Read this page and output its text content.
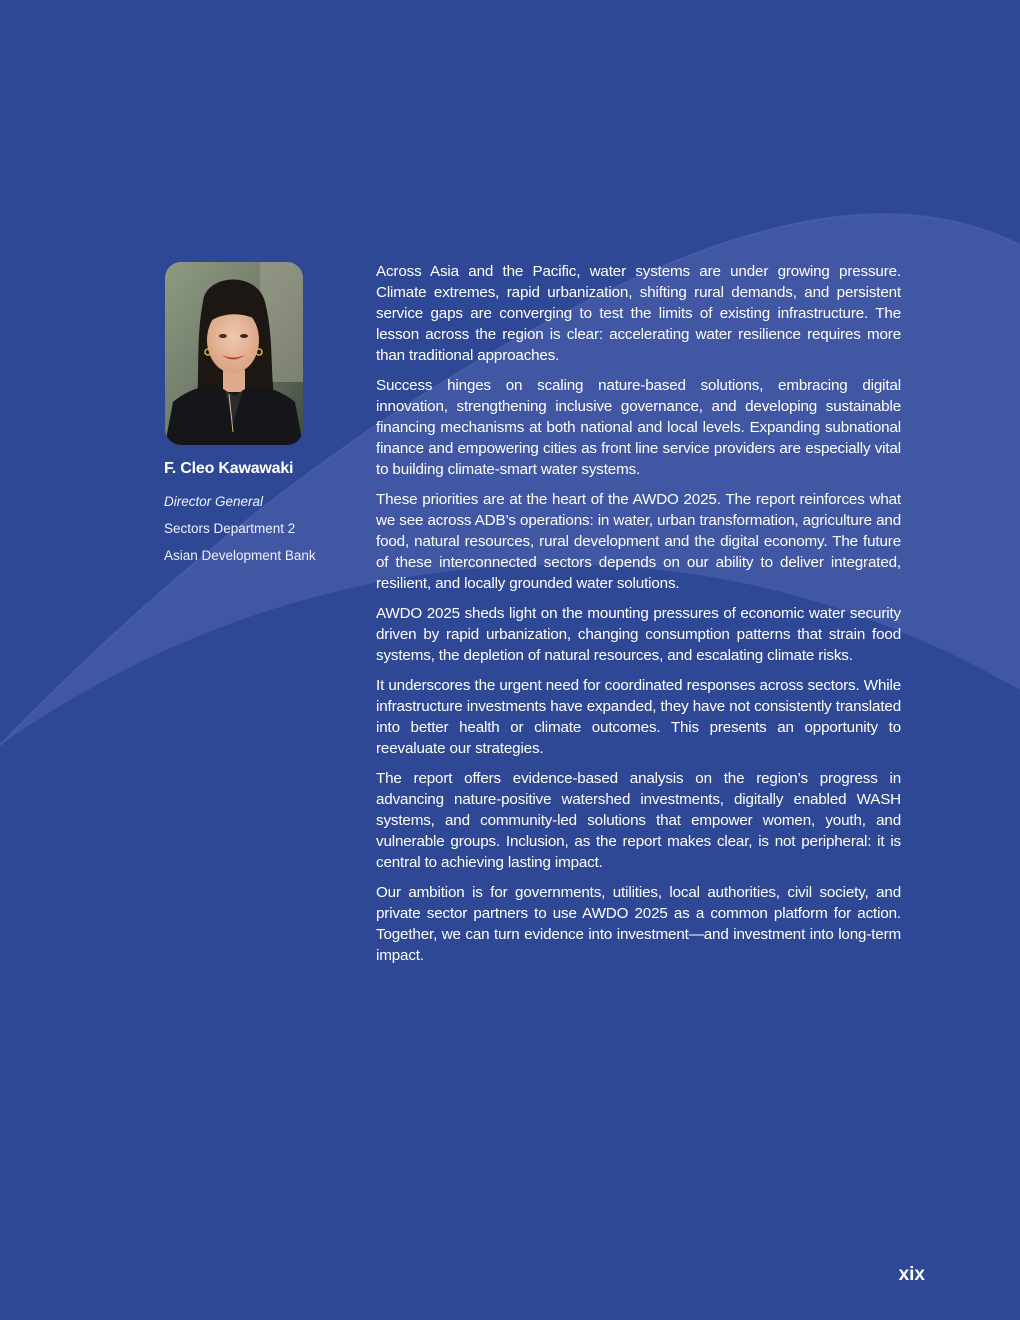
F. Cleo Kawawaki

Director General

Sectors Department 2

Asian Development Bank

Across Asia and the Pacific, water systems are under growing pressure. Climate extremes, rapid urbanization, shifting rural demands, and persistent service gaps are converging to test the limits of existing infrastructure. The lesson across the region is clear: accelerating water resilience requires more than traditional approaches.

Success hinges on scaling nature-based solutions, embracing digital innovation, strengthening inclusive governance, and developing sustainable financing mechanisms at both national and local levels. Expanding subnational finance and empowering cities as front line service providers are especially vital to building climate-smart water systems.

These priorities are at the heart of the AWDO 2025. The report reinforces what we see across ADB’s operations: in water, urban transformation, agriculture and food, natural resources, rural development and the digital economy. The future of these interconnected sectors depends on our ability to deliver integrated, resilient, and locally grounded water solutions.

AWDO 2025 sheds light on the mounting pressures of economic water security driven by rapid urbanization, changing consumption patterns that strain food systems, the depletion of natural resources, and escalating climate risks.

It underscores the urgent need for coordinated responses across sectors. While infrastructure investments have expanded, they have not consistently translated into better health or climate outcomes. This presents an opportunity to reevaluate our strategies.

The report offers evidence-based analysis on the region’s progress in advancing nature-positive watershed investments, digitally enabled WASH systems, and community-led solutions that empower women, youth, and vulnerable groups. Inclusion, as the report makes clear, is not peripheral: it is central to achieving lasting impact.

Our ambition is for governments, utilities, local authorities, civil society, and private sector partners to use AWDO 2025 as a common platform for action. Together, we can turn evidence into investment—and investment into long-term impact.

xix
